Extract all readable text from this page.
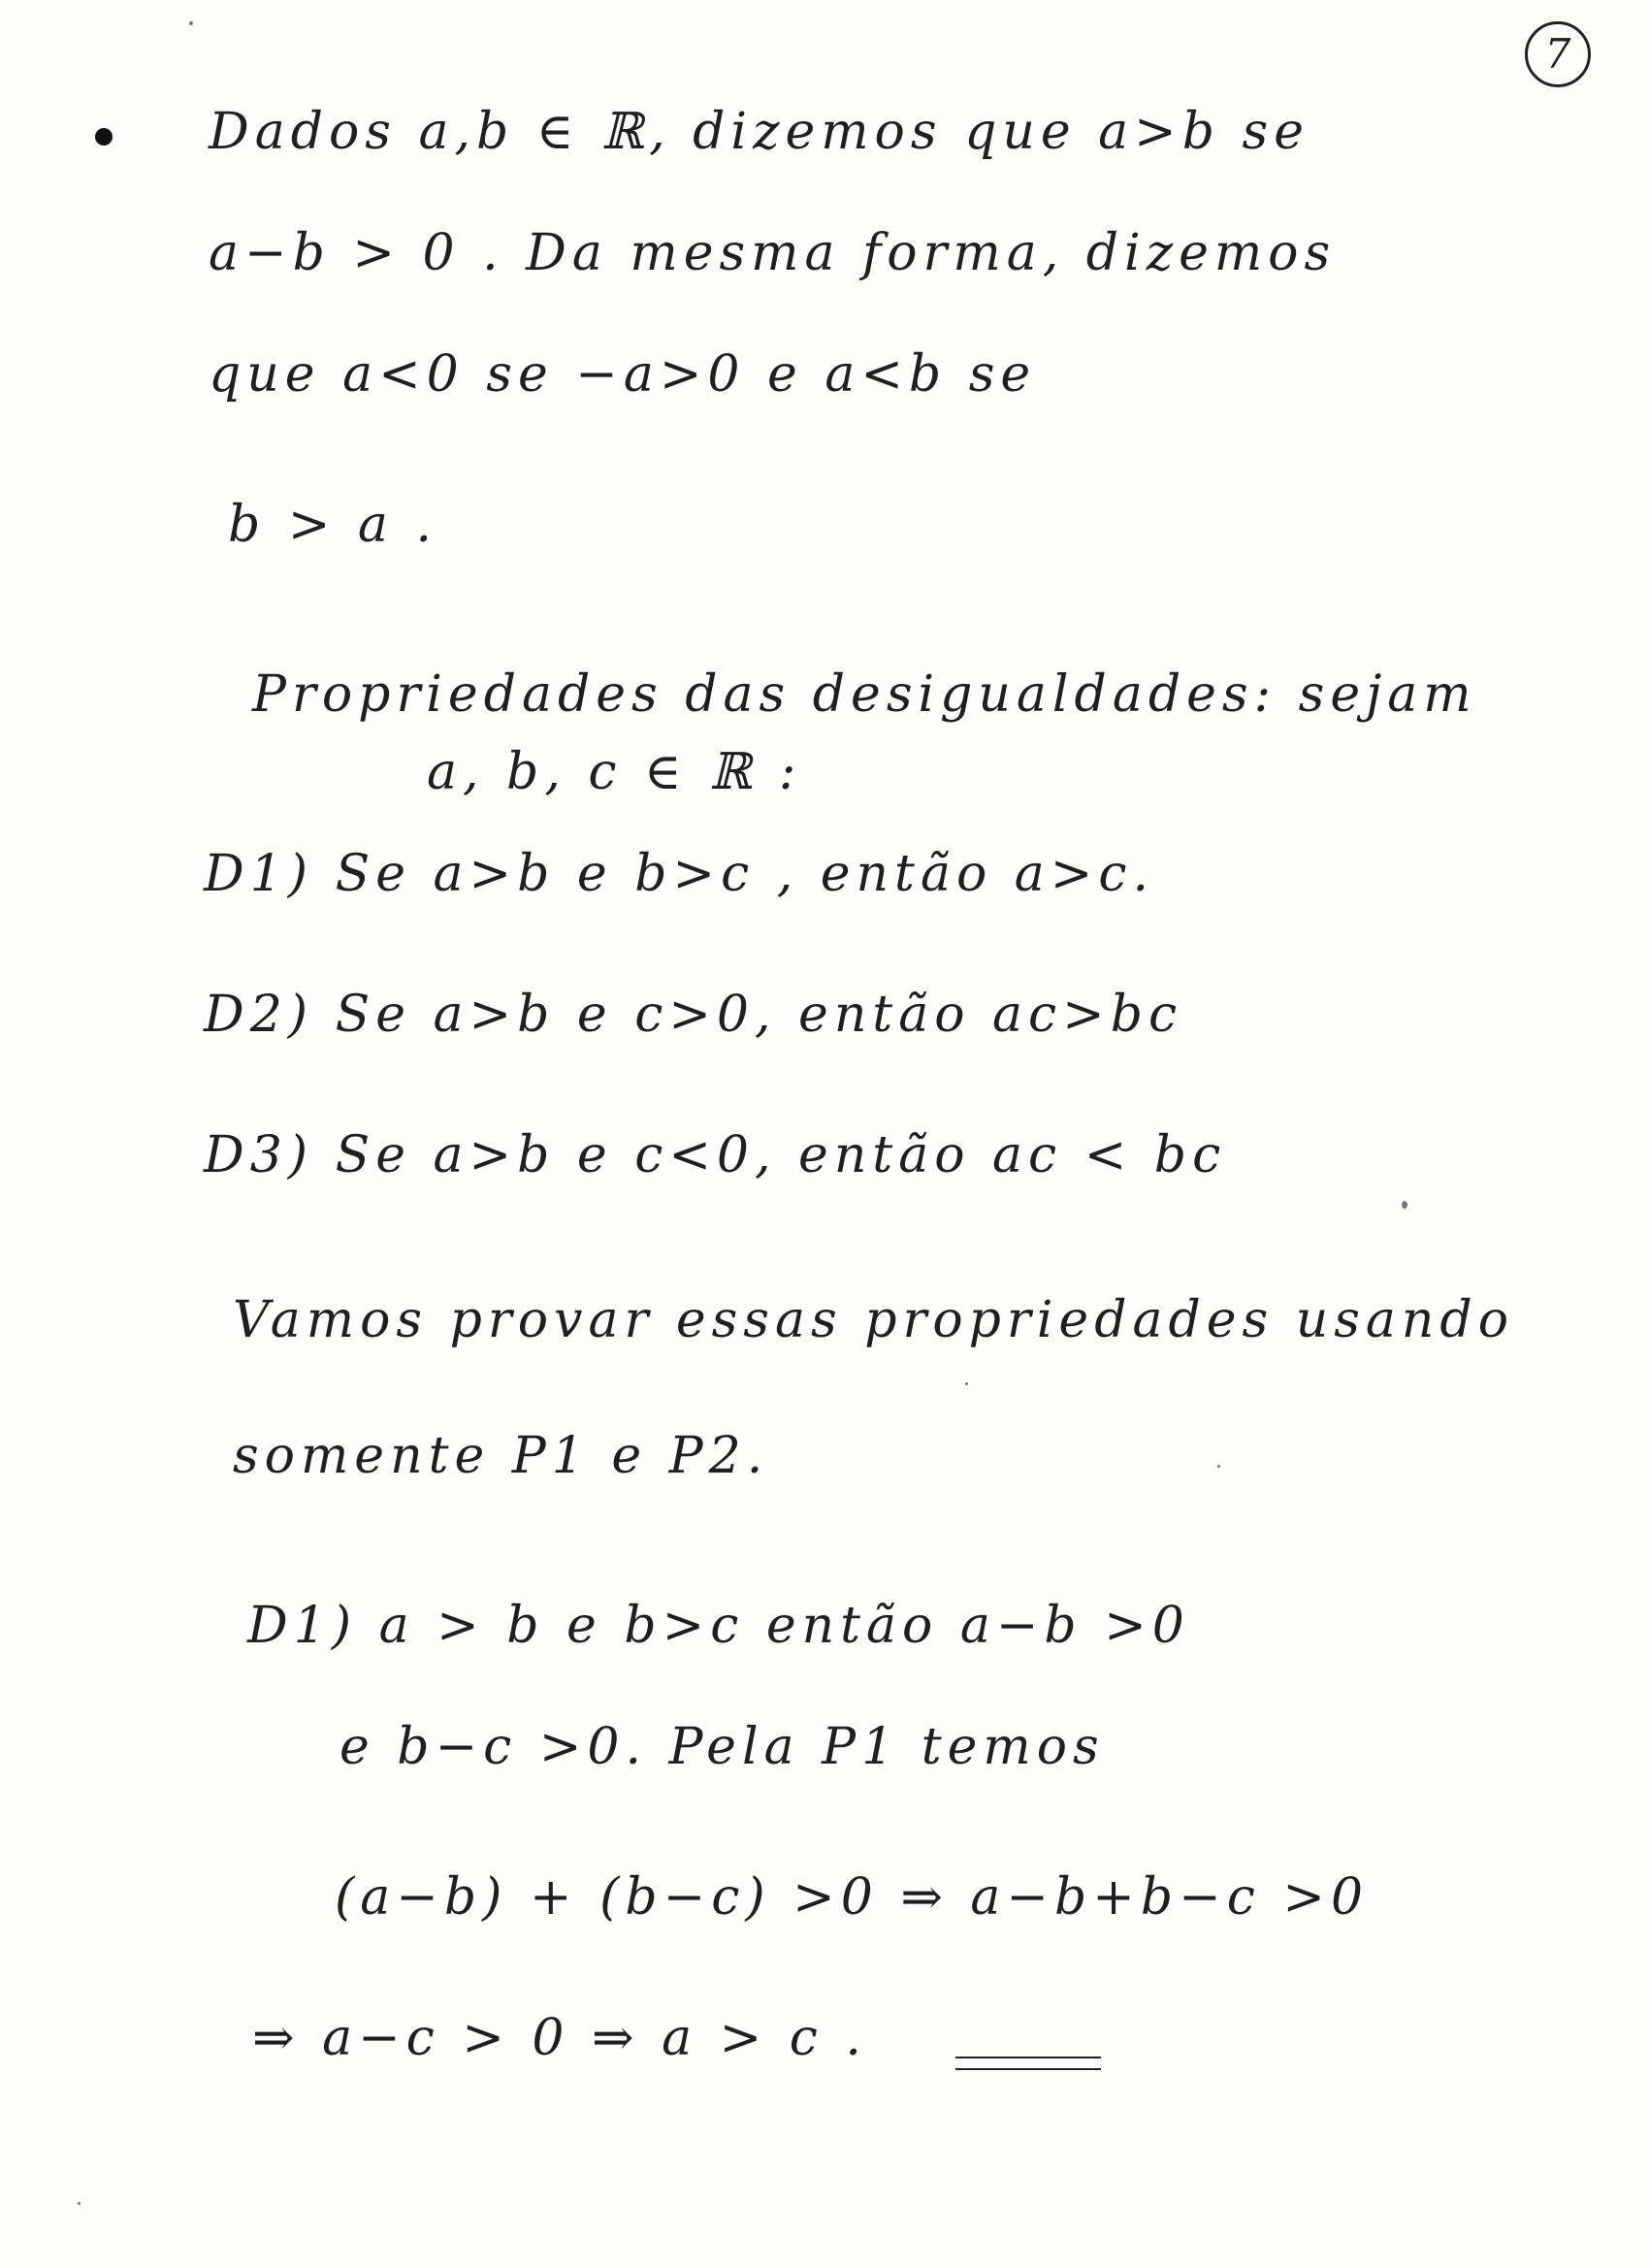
7
Dados a,b ∈ ℝ, dizemos que a>b se
a−b > 0 . Da mesma forma, dizemos
que a<0 se −a>0 e a<b se
b > a .
Propriedades das desigualdades: sejam
a, b, c ∈ ℝ :
D1) Se a>b e b>c , então a>c.
D2) Se a>b e c>0, então ac>bc
D3) Se a>b e c<0, então ac < bc
Vamos provar essas propriedades usando
somente P1 e P2.
D1) a > b e b>c então a−b >0
e b−c >0. Pela P1 temos
(a−b) + (b−c) >0 ⇒ a−b+b−c >0
⇒ a−c > 0 ⇒ a > c .
